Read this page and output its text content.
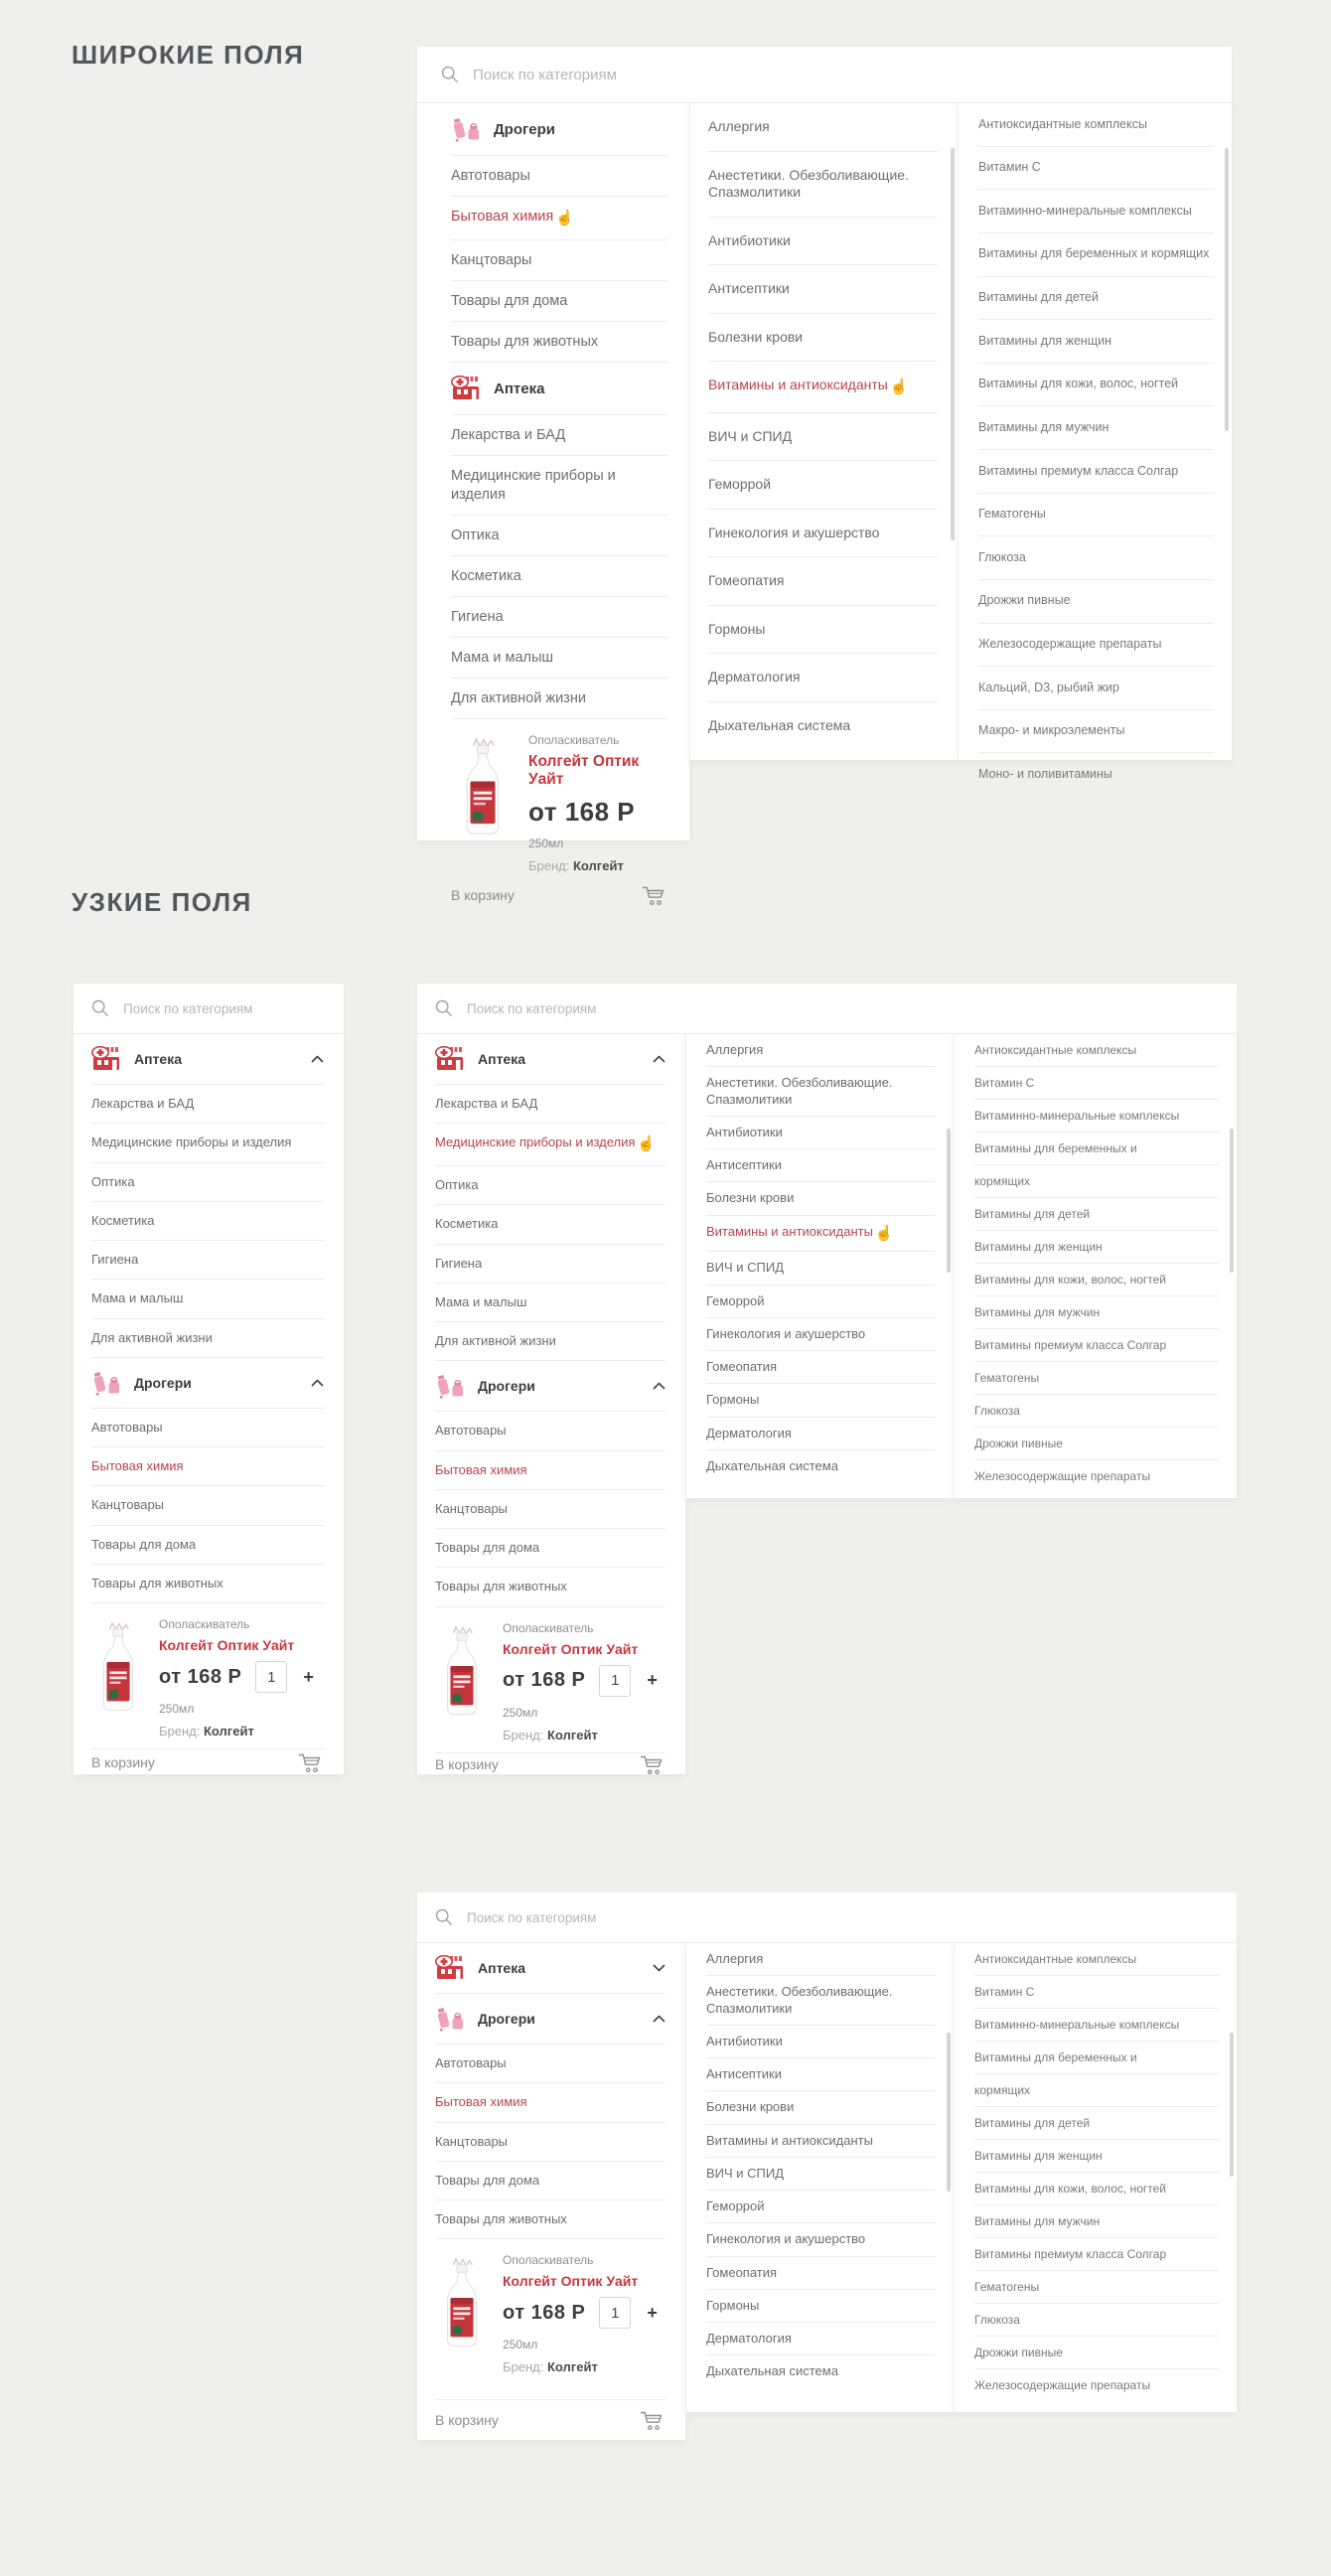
ШИРОКИЕ ПОЛЯ
УЗКИЕ ПОЛЯ
Поиск по категориям
Дрогери
Автотовары
Бытовая химия ☝
Канцтовары
Товары для дома
Товары для животных
Аптека
Лекарства и БАД
Медицинские приборы и изделия
Оптика
Косметика
Гигиена
Мама и малыш
Для активной жизни
Ополаскиватель
Колгейт Оптик Уайт
от 168 Р
250мл
Бренд: Колгейт
В корзину
Аллергия
Анестетики. Обезболивающие. Спазмолитики
Антибиотики
Антисептики
Болезни крови
Витамины и антиоксиданты ☝
ВИЧ и СПИД
Геморрой
Гинекология и акушерство
Гомеопатия
Гормоны
Дерматология
Дыхательная система
Антиоксидантные комплексы
Витамин С
Витаминно-минеральные комплексы
Витамины для беременных и кормящих
Витамины для детей
Витамины для женщин
Витамины для кожи, волос, ногтей
Витамины для мужчин
Витамины премиум класса Солгар
Гематогены
Глюкоза
Дрожжи пивные
Железосодержащие препараты
Кальций, D3, рыбий жир
Макро- и микроэлементы
Моно- и поливитамины
Поиск по категориям
Аптека
Лекарства и БАД
Медицинские приборы и изделия
Оптика
Косметика
Гигиена
Мама и малыш
Для активной жизни
Дрогери
Автотовары
Бытовая химия
Канцтовары
Товары для дома
Товары для животных
Ополаскиватель
Колгейт Оптик Уайт
от 168 Р	1	+
250мл
Бренд: Колгейт
В корзину
Поиск по категориям
Аптека
Лекарства и БАД
Медицинские приборы и изделия ☝
Оптика
Косметика
Гигиена
Мама и малыш
Для активной жизни
Дрогери
Автотовары
Бытовая химия
Канцтовары
Товары для дома
Товары для животных
Ополаскиватель
Колгейт Оптик Уайт
от 168 Р	1	+
250мл
Бренд: Колгейт
В корзину
Аллергия
Анестетики. Обезболивающие. Спазмолитики
Антибиотики
Антисептики
Болезни крови
Витамины и антиоксиданты ☝
ВИЧ и СПИД
Геморрой
Гинекология и акушерство
Гомеопатия
Гормоны
Дерматология
Дыхательная система
Антиоксидантные комплексы
Витамин С
Витаминно-минеральные комплексы
Витамины для беременных и
кормящих
Витамины для детей
Витамины для женщин
Витамины для кожи, волос, ногтей
Витамины для мужчин
Витамины премиум класса Солгар
Гематогены
Глюкоза
Дрожжи пивные
Железосодержащие препараты
Поиск по категориям
Аптека
Дрогери
Автотовары
Бытовая химия
Канцтовары
Товары для дома
Товары для животных
Ополаскиватель
Колгейт Оптик Уайт
от 168 Р	1	+
250мл
Бренд: Колгейт
В корзину
Аллергия
Анестетики. Обезболивающие. Спазмолитики
Антибиотики
Антисептики
Болезни крови
Витамины и антиоксиданты
ВИЧ и СПИД
Геморрой
Гинекология и акушерство
Гомеопатия
Гормоны
Дерматология
Дыхательная система
Антиоксидантные комплексы
Витамин С
Витаминно-минеральные комплексы
Витамины для беременных и
кормящих
Витамины для детей
Витамины для женщин
Витамины для кожи, волос, ногтей
Витамины для мужчин
Витамины премиум класса Солгар
Гематогены
Глюкоза
Дрожжи пивные
Железосодержащие препараты
